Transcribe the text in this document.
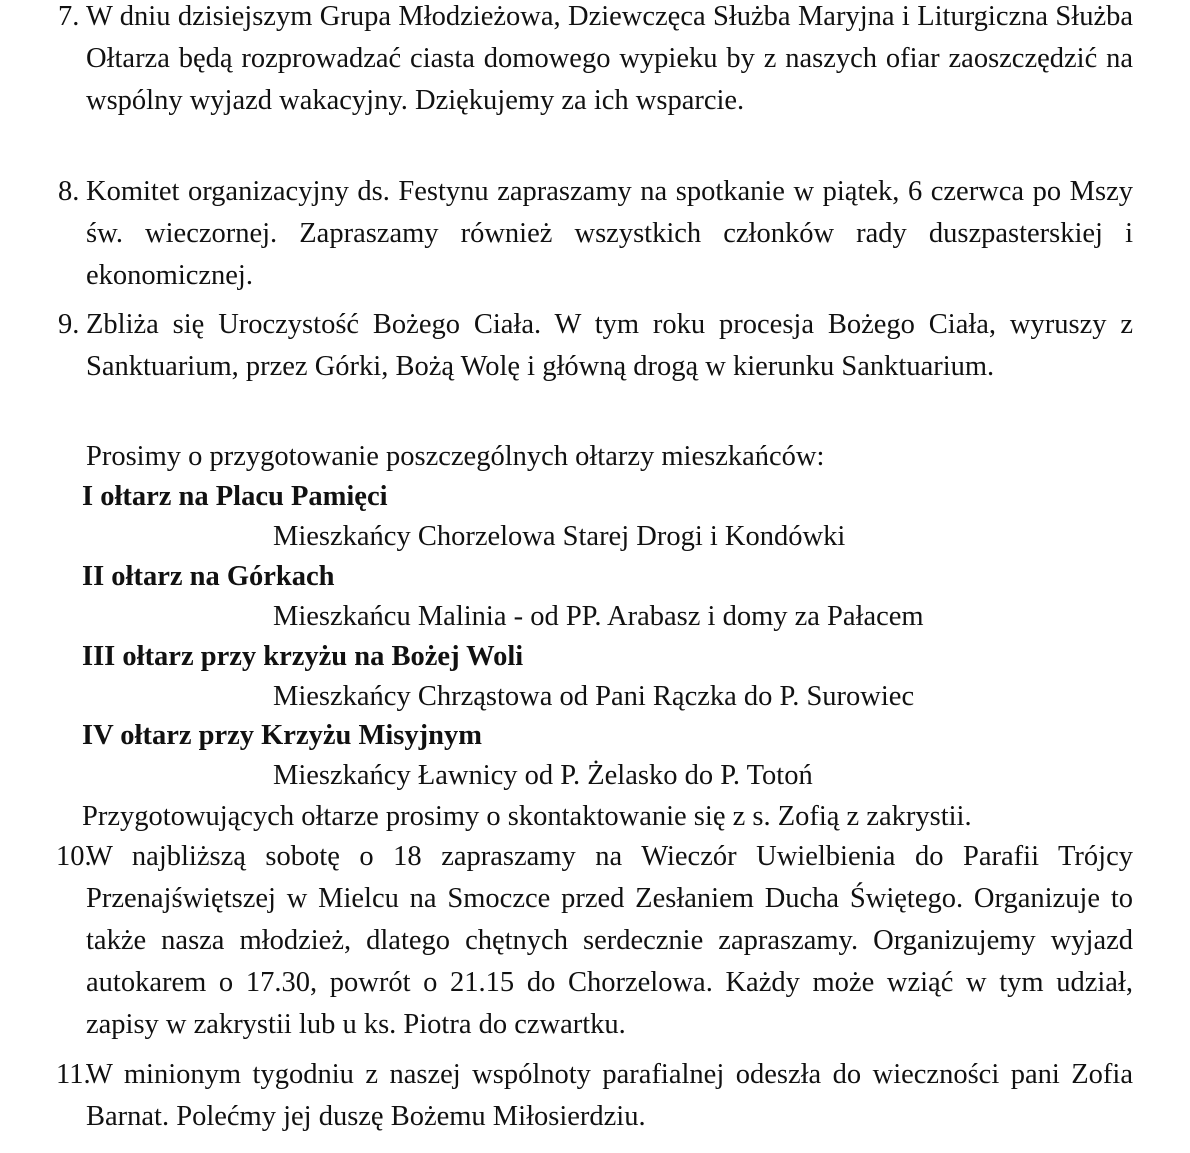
7. W dniu dzisiejszym Grupa Młodzieżowa, Dziewczęca Służba Maryjna i Liturgiczna Służba Ołtarza będą rozprowadzać ciasta domowego wypieku by z naszych ofiar zaoszczędzić na wspólny wyjazd wakacyjny. Dziękujemy za ich wsparcie.

8. Komitet organizacyjny ds. Festynu zapraszamy na spotkanie w piątek, 6 czerwca po Mszy św. wieczornej. Zapraszamy również wszystkich członków rady duszpasterskiej i ekonomicznej.

9. Zbliża się Uroczystość Bożego Ciała. W tym roku procesja Bożego Ciała, wyruszy z Sanktuarium, przez Górki, Bożą Wolę i główną drogą w kierunku Sanktuarium.

Prosimy o przygotowanie poszczególnych ołtarzy mieszkańców:
I ołtarz na Placu Pamięci
Mieszkańcy Chorzelowa Starej Drogi i Kondówki
II ołtarz na Górkach
Mieszkańcu Malinia - od PP. Arabasz i domy za Pałacem
III ołtarz przy krzyżu na Bożej Woli
Mieszkańcy Chrząstowa od Pani Rączka do P. Surowiec
IV ołtarz przy Krzyżu Misyjnym
Mieszkańcy Ławnicy od P. Żelasko do P. Totoń
Przygotowujących ołtarze prosimy o skontaktowanie się z s. Zofią z zakrystii.
10.

W najbliższą sobotę o 18 zapraszamy na Wieczór Uwielbienia do Parafii Trójcy Przenajświętszej w Mielcu na Smoczce przed Zesłaniem Ducha Świętego. Organizuje to także nasza młodzież, dlatego chętnych serdecznie zapraszamy. Organizujemy wyjazd autokarem o 17.30, powrót o 21.15 do Chorzelowa. Każdy może wziąć w tym udział, zapisy w zakrystii lub u ks. Piotra do czwartku.

11.

W minionym tygodniu z naszej wspólnoty parafialnej odeszła do wieczności pani Zofia Barnat. Polećmy jej duszę Bożemu Miłosierdziu.
